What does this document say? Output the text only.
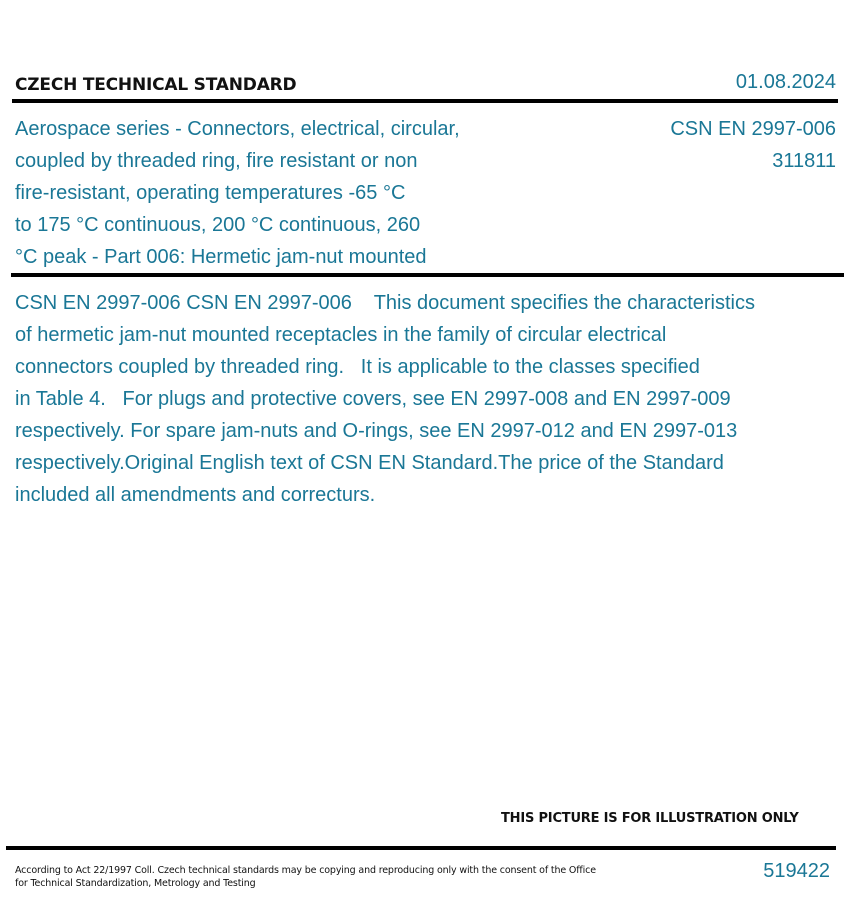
CZECH TECHNICAL STANDARD	01.08.2024
Aerospace series - Connectors, electrical, circular,
coupled by threaded ring, fire resistant or non
fire-resistant, operating temperatures -65 °C
to 175 °C continuous, 200 °C continuous, 260
°C peak - Part 006: Hermetic jam-nut mounted
CSN EN 2997-006
311811
CSN EN 2997-006 CSN EN 2997-006    This document specifies the characteristics
of hermetic jam-nut mounted receptacles in the family of circular electrical
connectors coupled by threaded ring.   It is applicable to the classes specified
in Table 4.   For plugs and protective covers, see EN 2997-008 and EN 2997-009
respectively. For spare jam-nuts and O-rings, see EN 2997-012 and EN 2997-013
respectively.Original English text of CSN EN Standard.The price of the Standard
included all amendments and correcturs.
THIS PICTURE IS FOR ILLUSTRATION ONLY
According to Act 22/1997 Coll. Czech technical standards may be copying and reproducing only with the consent of the Office
for Technical Standardization, Metrology and Testing
519422
